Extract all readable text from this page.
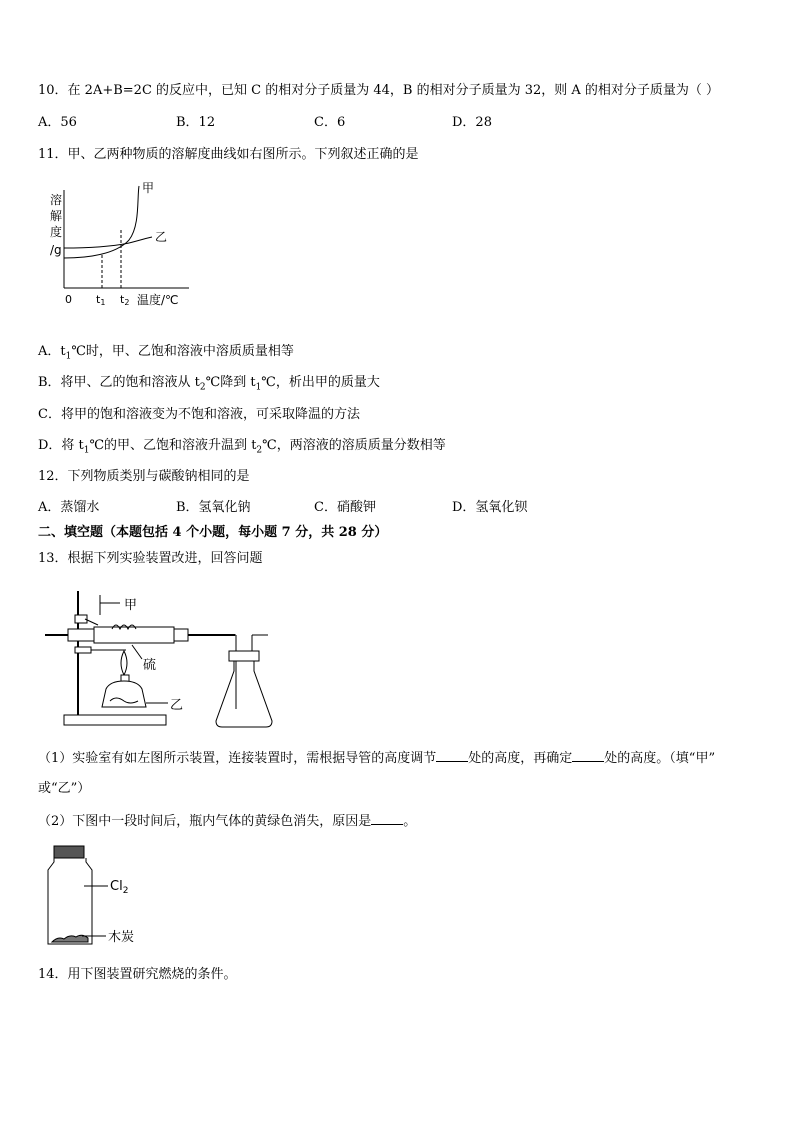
10．在 2A+B=2C 的反应中，已知 C 的相对分子质量为 44，B 的相对分子质量为 32，则 A 的相对分子质量为（ ）
A．56	B．12	C．6	D．28
11．甲、乙两种物质的溶解度曲线如右图所示。下列叙述正确的是
溶
解
度
/g
甲
乙
0 t1 t2 温度/℃
A．$t_1℃$时，甲、乙饱和溶液中溶质质量相等
B．将甲、乙的饱和溶液从 $t_2℃$降到 $t_1℃$，析出甲的质量大
C．将甲的饱和溶液变为不饱和溶液，可采取降温的方法
D．将 $t_1℃$的甲、乙饱和溶液升温到 $t_2℃$，两溶液的溶质质量分数相等
12．下列物质类别与碳酸钠相同的是
A．蒸馏水	B．氢氧化钠	C．硝酸钾	D．氢氧化钡
二、填空题（本题包括 4 个小题，每小题 7 分，共 28 分）
13．根据下列实验装置改进，回答问题
甲
硫
乙
（1）实验室有如左图所示装置，连接装置时，需根据导管的高度调节 处的高度，再确定 处的高度。（填“甲”
或“乙”）
（2）下图中一段时间后，瓶内气体的黄绿色消失，原因是 。
$Cl_2$
木炭
14．用下图装置研究燃烧的条件。
